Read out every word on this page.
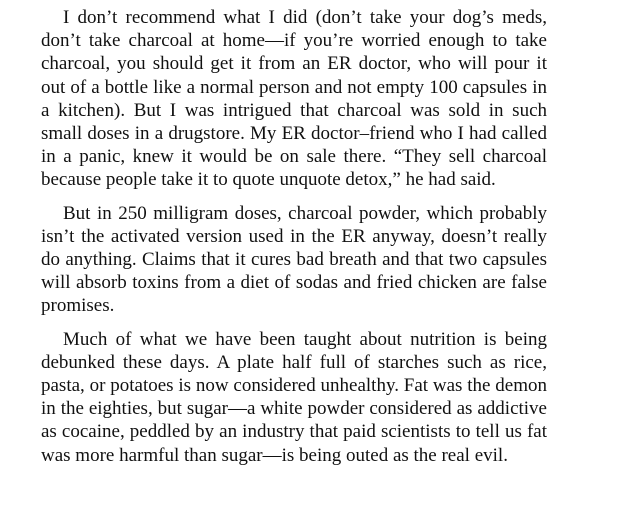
I don’t recommend what I did (don’t take your dog’s meds, don’t take charcoal at home—if you’re worried enough to take charcoal, you should get it from an ER doctor, who will pour it out of a bottle like a normal person and not empty 100 capsules in a kitchen). But I was intrigued that charcoal was sold in such small doses in a drugstore. My ER doctor–friend who I had called in a panic, knew it would be on sale there. “They sell charcoal because people take it to quote unquote detox,” he had said.

But in 250 milligram doses, charcoal powder, which probably isn’t the activated version used in the ER anyway, doesn’t really do anything. Claims that it cures bad breath and that two capsules will absorb toxins from a diet of sodas and fried chicken are false promises.

Much of what we have been taught about nutrition is being debunked these days. A plate half full of starches such as rice, pasta, or potatoes is now considered unhealthy. Fat was the demon in the eighties, but sugar—a white powder considered as addictive as cocaine, peddled by an industry that paid scientists to tell us fat was more harmful than sugar—is being outed as the real evil.
